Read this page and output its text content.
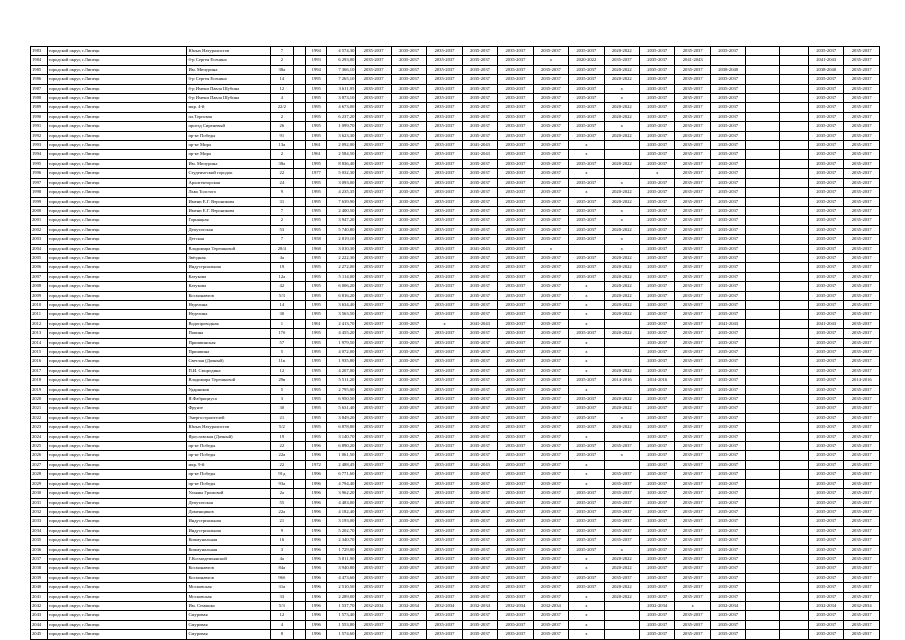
1983	городской округ, г.Липецк	Юных Натуралистов	7		1994	4 574,30	2035-2037	2035-2037	2035-2037	2035-2037	2035-2037	2035-2037	2035-2037	2020-2022	2035-2037	2035-2037	2035-2037			2035-2037	2035-2037
1984	городской округ, г.Липецк	б-р Сергея Есенина	2		1993	6 293,00	2035-2037	2035-2037	2035-2037	2035-2037	2035-2037	х	2020-2022	2035-2037	2035-2037	2041-2043				2041-2043	2035-2037
1985	городской округ, г.Липецк	Им. Мичурина	38а		1994	7 366,10	2035-2037	2035-2037	2035-2037	2035-2037	2035-2037	2035-2037	2035-2037	2020-2022	2035-2037	2035-2037	2038-2040			2038-2040	2035-2037
1986	городской округ, г.Липецк	б-р Сергея Есенина	14		1995	7 265,10	2035-2037	2035-2037	2035-2037	2035-2037	2035-2037	2035-2037	2035-2037	2020-2022	2035-2037	2035-2037	2035-2037			2035-2037	2035-2037
1987	городской округ, г.Липецк	б-р Имени Павла Шубина	12		1995	3 611,95	2035-2037	2035-2037	2035-2037	2035-2037	2035-2037	2035-2037	2035-2037	х	2035-2037	2035-2037	2035-2037			2035-2037	2035-2037
1988	городской округ, г.Липецк	б-р Имени Павла Шубина	4		1995	3 873,10	2035-2037	2035-2037	2035-2037	2035-2037	2035-2037	2035-2037	2035-2037	х	2035-2037	2035-2037	2035-2037			2035-2037	2035-2037
1989	городской округ, г.Липецк	мкр. 4-й	22/2		1995	4 673,00	2035-2037	2035-2037	2035-2037	2035-2037	2035-2037	2035-2037	2035-2037	2020-2022	2035-2037	2035-2037	2035-2037			2035-2037	2035-2037
1990	городской округ, г.Липецк	пл.Торговая	2		1995	6 237,20	2035-2037	2035-2037	2035-2037	2035-2037	2035-2037	2035-2037	2035-2037	2020-2022	2035-2037	2035-2037	2035-2037			2035-2037	2035-2037
1991	городской округ, г.Липецк	проезд Сиреневый	26		1995	1 099,70	2035-2037	2035-2037	2035-2037	2035-2037	2035-2037	2035-2037	2035-2037	х	2035-2037	2035-2037	2035-2037			2035-2037	2035-2037
1992	городской округ, г.Липецк	пр-кт Победы	91		1995	3 623,30	2035-2037	2035-2037	2035-2037	2035-2037	2035-2037	2035-2037	2035-2037	2020-2022	2035-2037	2035-2037	2035-2037			2035-2037	2035-2037
1993	городской округ, г.Липецк	пр-кт Мира	13а		1961	2 092,00	2035-2037	2035-2037	2035-2037	2041-2043	2035-2037	2035-2037	х		2035-2037	2035-2037	2035-2037			2035-2037	2035-2037
1994	городской округ, г.Липецк	пр-кт Мира	2		1961	2 584,50	2035-2037	2035-2037	2035-2037	2041-2043	2035-2037	2035-2037	х		2035-2037	2035-2037	2035-2037			2035-2037	2035-2037
1995	городской округ, г.Липецк	Им. Мичурина	38а		1995	8 836,40	2035-2037	2035-2037	2035-2037	2035-2037	2035-2037	2035-2037	2035-2037	2020-2022	2035-2037	2035-2037	2035-2037			2035-2037	2035-2037
1996	городской округ, г.Липецк	Студенческий городок	22		1977	5 032,30	2035-2037	2035-2037	2035-2037	2035-2037	2035-2037	2035-2037	х		х	2035-2037	2035-2037			2035-2037	2035-2037
1997	городской округ, г.Липецк	Архитекторская	24		1995	3 093,00	2035-2037	2035-2037	2035-2037	2035-2037	2035-2037	2035-2037	2035-2037	х	2035-2037	2035-2037	2035-2037			2035-2037	2035-2037
1998	городской округ, г.Липецк	Льва Толстого	9		1995	4 235,35	2035-2037	2035-2037	2035-2037	2035-2037	2035-2037	2035-2037	х	2020-2022	2035-2037	2035-2037	2035-2037			2035-2037	2035-2037
1999	городской округ, г.Липецк	Имени Е.Г. Вероникова	31		1995	7 639,90	2035-2037	2035-2037	2035-2037	2035-2037	2035-2037	2035-2037	2035-2037	2020-2022	2035-2037	2035-2037	2035-2037			2035-2037	2035-2037
2000	городской округ, г.Липецк	Имени Е.Г. Вероникова	7		1995	2 400,50	2035-2037	2035-2037	2035-2037	2035-2037	2035-2037	2035-2037	2035-2037	х	2035-2037	2035-2037	2035-2037			2035-2037	2035-2037
2001	городской округ, г.Липецк	Горняцкая	2		1995	3 947,20	2035-2037	2035-2037	2035-2037	2035-2037	2035-2037	2035-2037	2035-2037	х	2035-2037	2035-2037	2035-2037			2035-2037	2035-2037
2002	городской округ, г.Липецк	Депутатская	53		1995	5 740,80	2035-2037	2035-2037	2035-2037	2035-2037	2035-2037	2035-2037	2035-2037	2020-2022	2035-2037	2035-2037	2035-2037			2035-2037	2035-2037
2003	городской округ, г.Липецк	Детская	7		1958	2 819,10	2035-2037	2035-2037	2035-2037	2035-2037	2035-2037	2035-2037	2035-2037	х	2035-2037	2035-2037	2035-2037			2035-2037	2035-2037
2004	городской округ, г.Липецк	Владимира Терешковой	28/4		1968	3 010,30	2035-2037	2035-2037	2035-2037	2041-2043	2035-2037	х		х	2035-2037	2035-2037	2035-2037			2035-2037	2035-2037
2005	городской округ, г.Липецк	Звёздная	4а		1995	2 222,30	2035-2037	2035-2037	2035-2037	2035-2037	2035-2037	2035-2037	2035-2037	2020-2022	2035-2037	2035-2037	2035-2037			2035-2037	2035-2037
2006	городской округ, г.Липецк	Индустриальная	19		1995	2 272,00	2035-2037	2035-2037	2035-2037	2035-2037	2035-2037	2035-2037	2035-2037	2020-2022	2035-2037	2035-2037	2035-2037			2035-2037	2035-2037
2007	городской округ, г.Липецк	Катукова	12а		1995	5 114,00	2035-2037	2035-2037	2035-2037	2035-2037	2035-2037	2035-2037	2035-2037	2020-2022	2035-2037	2035-2037	2035-2037			2035-2037	2035-2037
2008	городской округ, г.Липецк	Катукова	42		1995	6 006,20	2035-2037	2035-2037	2035-2037	2035-2037	2035-2037	2035-2037	х	2020-2022	2035-2037	2035-2037	2035-2037			2035-2037	2035-2037
2009	городской округ, г.Липецк	Космонавтов	5/3		1995	6 816,20	2035-2037	2035-2037	2035-2037	2035-2037	2035-2037	2035-2037	х	2020-2022	2035-2037	2035-2037	2035-2037			2035-2037	2035-2037
2010	городской округ, г.Липецк	Неделина	14		1995	3 634,40	2035-2037	2035-2037	2035-2037	2035-2037	2035-2037	2035-2037	х	2020-2022	2035-2037	2035-2037	2035-2037			2035-2037	2035-2037
2011	городской округ, г.Липецк	Неделина	30		1995	3 563,50	2035-2037	2035-2037	2035-2037	2035-2037	2035-2037	2035-2037	х	2020-2022	2035-2037	2035-2037	2035-2037			2035-2037	2035-2037
2012	городской округ, г.Липецк	Водопроводная	1		1961	2 413,70	2035-2037	2035-2037	х	2041-2043	2035-2037	2035-2037	х		2035-2037	2035-2037	2041-2043			2041-2043	2035-2037
2013	городской округ, г.Липецк	Папина	17б		1995	4 455,20	2035-2037	2035-2037	2035-2037	2035-2037	2035-2037	2035-2037	2035-2037	2020-2022	2035-2037	2035-2037	2035-2037			2035-2037	2035-2037
2014	городской округ, г.Липецк	Пришвинская	57		1995	1 979,50	2035-2037	2035-2037	2035-2037	2035-2037	2035-2037	2035-2037	х		2035-2037	2035-2037	2035-2037			2035-2037	2035-2037
2015	городской округ, г.Липецк	Пришвина	5		1995	4 072,00	2035-2037	2035-2037	2035-2037	2035-2037	2035-2037	2035-2037	х		2035-2037	2035-2037	2035-2037			2035-2037	2035-2037
2016	городской округ, г.Липецк	Светлая (Дачный)	11к		1995	1 935,80	2035-2037	2035-2037	2035-2037	2035-2037	2035-2037	2035-2037	х		2035-2037	2035-2037	2035-2037			2035-2037	2035-2037
2017	городской округ, г.Липецк	П.И. Смородина	12		1995	4 207,00	2035-2037	2035-2037	2035-2037	2035-2037	2035-2037	2035-2037	х	2020-2022	2035-2037	2035-2037	2035-2037			2035-2037	2035-2037
2018	городской округ, г.Липецк	Владимира Терешковой	29в		1995	5 511,20	2035-2037	2035-2037	2035-2037	2035-2037	2035-2037	2035-2037	2035-2037	2014-2016	2014-2016	2035-2037	2035-2037			2035-2037	2014-2016
2019	городской округ, г.Липецк	Ударников	5		1995	2 795,00	2035-2037	2035-2037	2035-2037	2035-2037	2035-2037	2035-2037	х		2035-2037	2035-2037	2035-2037			2035-2037	2035-2037
2020	городской округ, г.Липецк	Я.Фабрициуса	3		1995	6 950,50	2035-2037	2035-2037	2035-2037	2035-2037	2035-2037	2035-2037	2035-2037	2020-2022	2035-2037	2035-2037	2035-2037			2035-2037	2035-2037
2021	городской округ, г.Липецк	Фрунзе	30		1995	5 631,40	2035-2037	2035-2037	2035-2037	2035-2037	2035-2037	2035-2037	2035-2037	2020-2022	2035-2037	2035-2037	2035-2037			2035-2037	2035-2037
2022	городской округ, г.Липецк	Энергостроителей	21		1995	3 849,20	2035-2037	2035-2037	2035-2037	2035-2037	2035-2037	2035-2037	2035-2037	х	2035-2037	2035-2037	2035-2037			2035-2037	2035-2037
2023	городской округ, г.Липецк	Юных Натуралистов	5/2		1995	6 878,80	2035-2037	2035-2037	2035-2037	2035-2037	2035-2037	2035-2037	2035-2037	2020-2022	2035-2037	2035-2037	2035-2037			2035-2037	2035-2037
2024	городской округ, г.Липецк	Ярославская (Дачный)	19		1995	3 140,70	2035-2037	2035-2037	2035-2037	2035-2037	2035-2037	2035-2037	х		2035-2037	2035-2037	2035-2037			2035-2037	2035-2037
2025	городской округ, г.Липецк	пр-кт Победы	22		1996	6 890,20	2035-2037	2035-2037	2035-2037	2035-2037	2035-2037	2035-2037	2035-2037	2035-2037	2035-2037	2035-2037	2035-2037			2035-2037	2035-2037
2026	городской округ, г.Липецк	пр-кт Победы	22а		1996	1 061,50	2035-2037	2035-2037	2035-2037	2035-2037	2035-2037	2035-2037	2035-2037	х	2035-2037	2035-2037	2035-2037			2035-2037	2035-2037
2027	городской округ, г.Липецк	мкр. 9-й	22		1972	2 488,45	2035-2037	2035-2037	2035-2037	2041-2043	2035-2037	2035-2037	х		2035-2037	2035-2037	2035-2037			2035-2037	2035-2037
2028	городской округ, г.Липецк	пр-кт Победы	91д		1996	6 771,60	2035-2037	2035-2037	2035-2037	2035-2037	2035-2037	2035-2037	х	2035-2037	2035-2037	2035-2037	2035-2037			2035-2037	2035-2037
2029	городской округ, г.Липецк	пр-кт Победы	93а		1996	4 794,40	2035-2037	2035-2037	2035-2037	2035-2037	2035-2037	2035-2037	х	2035-2037	2035-2037	2035-2037	2035-2037			2035-2037	2035-2037
2030	городской округ, г.Липецк	Ульяны Громовой	2а		1996	3 962,20	2035-2037	2035-2037	2035-2037	2035-2037	2035-2037	2035-2037	2035-2037	2035-2037	2035-2037	2035-2037	2035-2037			2035-2037	2035-2037
2031	городской округ, г.Липецк	Депутатская	55		1996	4 483,00	2035-2037	2035-2037	2035-2037	2035-2037	2035-2037	2035-2037	2035-2037	2035-2037	2035-2037	2035-2037	2035-2037			2035-2037	2035-2037
2032	городской округ, г.Липецк	Доменщиков	22а		1996	4 182,40	2035-2037	2035-2037	2035-2037	2035-2037	2035-2037	2035-2037	2035-2037	2035-2037	2035-2037	2035-2037	2035-2037			2035-2037	2035-2037
2033	городской округ, г.Липецк	Индустриальная	21		1996	3 193,00	2035-2037	2035-2037	2035-2037	2035-2037	2035-2037	2035-2037	2035-2037	2035-2037	2035-2037	2035-2037	2035-2037			2035-2037	2035-2037
2034	городской округ, г.Липецк	Индустриальная	9		1996	5 202,70	2035-2037	2035-2037	2035-2037	2035-2037	2035-2037	2035-2037	2035-2037	2035-2037	2035-2037	2035-2037	2035-2037			2035-2037	2035-2037
2035	городской округ, г.Липецк	Коммунальная	16		1996	2 340,70	2035-2037	2035-2037	2035-2037	2035-2037	2035-2037	2035-2037	2035-2037	2035-2037	2035-2037	2035-2037	2035-2037			2035-2037	2035-2037
2036	городской округ, г.Липецк	Коммунальная	3		1996	1 729,00	2035-2037	2035-2037	2035-2037	2035-2037	2035-2037	2035-2037	2035-2037	х	2035-2037	2035-2037	2035-2037			2035-2037	2035-2037
2037	городской округ, г.Липецк	Г.Космодемьянской	4а		1996	5 811,90	2035-2037	2035-2037	2035-2037	2035-2037	2035-2037	2035-2037	х	2020-2022	2035-2037	2035-2037	2035-2037			2035-2037	2035-2037
2038	городской округ, г.Липецк	Космонавтов	84а		1996	3 940,80	2035-2037	2035-2037	2035-2037	2035-2037	2035-2037	2035-2037	х	2020-2022	2035-2037	2035-2037	2035-2037			2035-2037	2035-2037
2039	городской округ, г.Липецк	Космонавтов	96б		1996	4 473,60	2035-2037	2035-2037	2035-2037	2035-2037	2035-2037	2035-2037	2035-2037	2035-2037	2035-2037	2035-2037	2035-2037			2035-2037	2035-2037
2040	городской округ, г.Липецк	Московская	31а		1996	2 510,50	2035-2037	2035-2037	2035-2037	2035-2037	2035-2037	2035-2037	2035-2037	2020-2022	2035-2037	2035-2037	2035-2037			2035-2037	2035-2037
2041	городской округ, г.Липецк	Московская	33		1996	2 289,00	2035-2037	2035-2037	2035-2037	2035-2037	2035-2037	2035-2037	х	2020-2022	2035-2037	2035-2037	2035-2037			2035-2037	2035-2037
2042	городской округ, г.Липецк	Им. Семашко	5/3		1996	1 537,70	2032-2034	2032-2034	2032-2034	2032-2034	2032-2034	2032-2034	х		2032-2034	х	2032-2034			2032-2034	2032-2034
2043	городской округ, г.Липецк	Смуровая	12		1996	1 573,40	2035-2037	2035-2037	2035-2037	2035-2037	2035-2037	2035-2037	х		2035-2037	2035-2037	2035-2037			2035-2037	2035-2037
2044	городской округ, г.Липецк	Смуровая	4		1996	1 553,80	2035-2037	2035-2037	2035-2037	2035-2037	2035-2037	2035-2037	х		2035-2037	2035-2037	2035-2037			2035-2037	2035-2037
2045	городской округ, г.Липецк	Смуровая	8		1996	1 574,60	2035-2037	2035-2037	2035-2037	2035-2037	2035-2037	2035-2037	х		2035-2037	2035-2037	2035-2037			2035-2037	2035-2037
